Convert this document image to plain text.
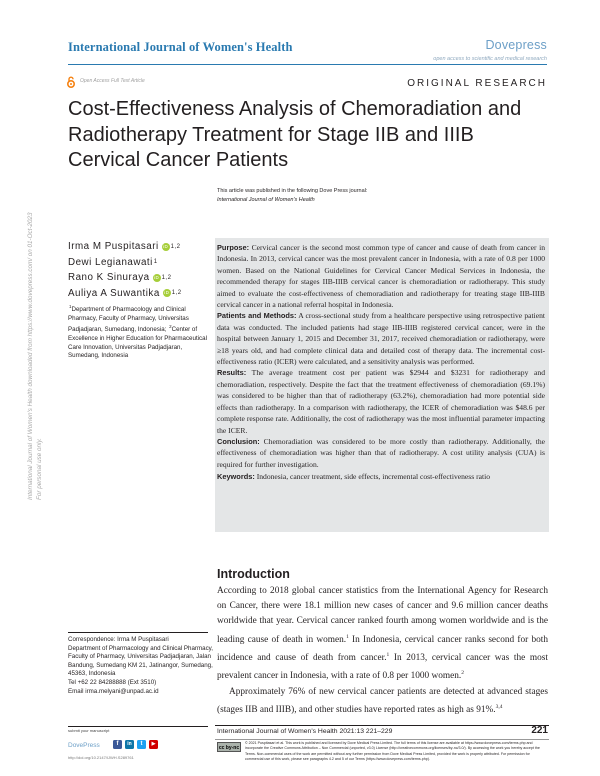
International Journal of Women's Health	Dovepress
open access to scientific and medical research
Open Access Full Text Article	ORIGINAL RESEARCH
Cost-Effectiveness Analysis of Chemoradiation and Radiotherapy Treatment for Stage IIB and IIIB Cervical Cancer Patients
This article was published in the following Dove Press journal:
International Journal of Women's Health
International Journal of Women's Health downloaded from https://www.dovepress.com/ on 01-Oct-2023 For personal use only.
Irma M Puspitasari iD 1,2
Dewi Legianawati 1
Rano K Sinuraya iD 1,2
Auliya A Suwantika iD 1,2
$^1$Department of Pharmacology and Clinical Pharmacy, Faculty of Pharmacy, Universitas Padjadjaran, Sumedang, Indonesia; $^2$Center of Excellence in Higher Education for Pharmaceutical Care Innovation, Universitas Padjadjaran, Sumedang, Indonesia

Purpose: Cervical cancer is the second most common type of cancer and cause of death from cancer in Indonesia. In 2013, cervical cancer was the most prevalent cancer in Indonesia, with a rate of 0.8 per 1000 women. Based on the National Guidelines for Cervical Cancer Medical Services in Indonesia, the recommended therapy for stages IIB-IIIB cervical cancer is chemoradiation or radiotherapy. This study aimed to evaluate the cost-effectiveness of chemoradiation and radiotherapy for treating stage IIB-IIIB cervical cancer in a national referral hospital in Indonesia.

Patients and Methods: A cross-sectional study from a healthcare perspective using retrospective patient data was conducted. The included patients had stage IIB-IIIB registered cervical cancer, were in the hospital between January 1, 2015 and December 31, 2017, received chemoradiation or radiotherapy, were ≥18 years old, and had complete clinical data and detailed cost of therapy data. The incremental cost-effectiveness ratio (ICER) were calculated, and a sensitivity analysis was performed.

Results: The average treatment cost per patient was $2944 and $3231 for radiotherapy and chemoradiation, respectively. Despite the fact that the treatment effectiveness of chemoradiation (69.1%) was considered to be higher than that of radiotherapy (63.2%), chemoradiation had more potential side effects than radiotherapy. In a comparison with radiotherapy, the ICER of chemoradiation was $48.6 per complete response rate. Additionally, the cost of radiotherapy was the most influential parameter impacting the ICER.

Conclusion: Chemoradiation was considered to be more costly than radiotherapy. Additionally, the effectiveness of chemoradiation was higher than that of radiotherapy. A cost utility analysis (CUA) is required for further investigation.

Keywords: Indonesia, cancer treatment, side effects, incremental cost-effectiveness ratio

Introduction

According to 2018 global cancer statistics from the International Agency for Research on Cancer, there were 18.1 million new cases of cancer and 9.6 million cancer deaths worldwide that year. Cervical cancer ranked fourth among women worldwide and is the leading cause of death in women.$^1$ In Indonesia, cervical cancer ranks second for both incidence and cause of death from cancer.$^1$ In 2013, cervical cancer was the most prevalent cancer in Indonesia, with a rate of 0.8 per 1000 women.$^2$

Approximately 76% of new cervical cancer patients are detected at advanced stages (stages IIB and IIIB), and other studies have reported rates as high as 91%.$^{3,4}$

Correspondence: Irma M Puspitasari
Department of Pharmacology and Clinical Pharmacy, Faculty of Pharmacy, Universitas Padjadjaran, Jalan Bandung, Sumedang KM 21, Jatinangor, Sumedang, 45363, Indonesia
Tel +62 22 84288888 (Ext 3510)
Email irma.melyani@unpad.ac.id
submit your manuscript
DovePress	f	in	t	▶
http://doi.org/10.2147/IJWH.S289761
International Journal of Women's Health 2021:13 221–229	221
cc by-nc
© 2021 Puspitasari et al. This work is published and licensed by Dove Medical Press Limited. The full terms of this license are available at https://www.dovepress.com/terms.php and incorporate the Creative Commons Attribution – Non Commercial (unported, v3.0) License (http://creativecommons.org/licenses/by-nc/3.0/). By accessing the work you hereby accept the Terms. Non-commercial uses of the work are permitted without any further permission from Dove Medical Press Limited, provided the work is properly attributed. For permission for commercial use of this work, please see paragraphs 4.2 and 5 of our Terms (https://www.dovepress.com/terms.php).
